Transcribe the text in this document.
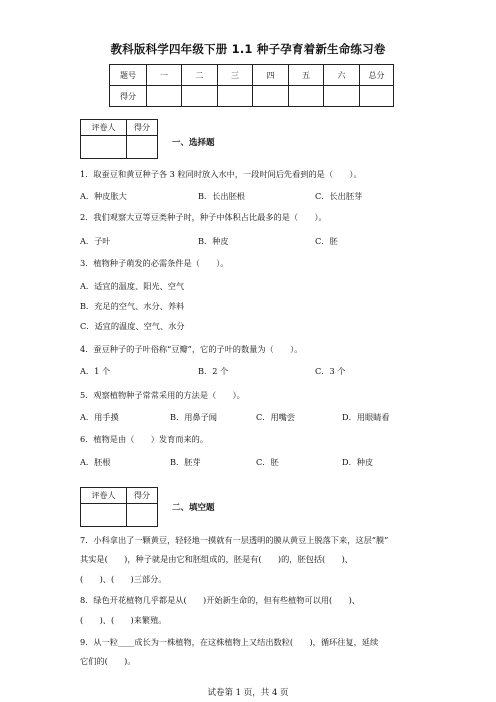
教科版科学四年级下册 1.1 种子孕育着新生命练习卷
题号	一	二	三	四	五	六	总分
得分							
评卷人	得分

一、选择题
1．取蚕豆和黄豆种子各 3 粒同时放入水中，一段时间后先看到的是（　　）。
A．种皮胀大	B．长出胚根	C．长出胚芽
2．我们观察大豆等豆类种子时，种子中体积占比最多的是（　　）。
A．子叶	B．种皮	C．胚
3．植物种子萌发的必需条件是（　　）。
A．适宜的温度、阳光、空气
B．充足的空气、水分、养料
C．适宜的温度、空气、水分
4．蚕豆种子的子叶俗称“豆瓣”，它的子叶的数量为（　　）。
A．1 个	B．2 个	C．3 个
5．观察植物种子常常采用的方法是（　　）。
A．用手摸	B．用鼻子闻	C．用嘴尝	D．用眼睛看
6．植物是由（　　）发育而来的。
A．胚根	B．胚芽	C．胚	D．种皮
评卷人	得分

二、填空题
7．小科拿出了一颗黄豆，轻轻地一摸就有一层透明的膜从黄豆上脱落下来，这层“膜”
其实是(　　)，种子就是由它和胚组成的，胚是有(　　)的，胚包括(　　)、
(　　)、(　　)三部分。
8．绿色开花植物几乎都是从(　　)开始新生命的，但有些植物可以用(　　)、
(　　)、(　　)来繁殖。
9．从一粒____成长为一株植物，在这株植物上又结出数粒(　　)，循环往复，延续
它们的(　　)。
试卷第 1 页，共 4 页
